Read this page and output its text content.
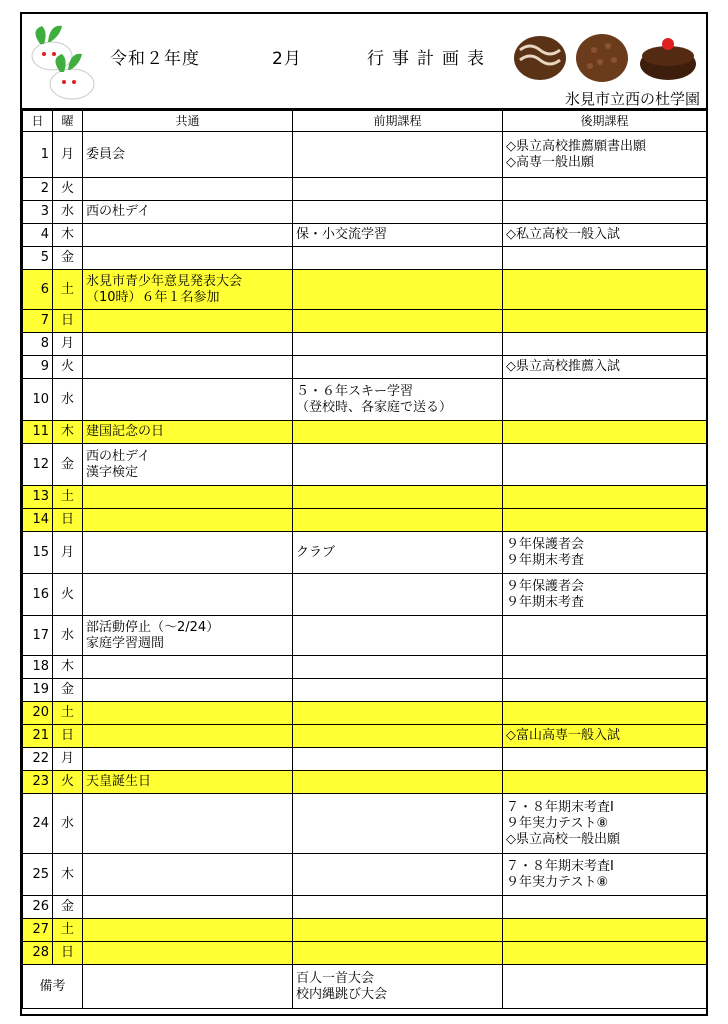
令和２年度	2月	行事計画表
氷見市立西の杜学園
日	曜	共通	前期課程	後期課程
1	月	委員会		◇県立高校推薦願書出願
◇高専一般出願

2	火			
3	水	西の杜デイ		

4	木		保・小交流学習	◇私立高校一般入試

5	金			
6	土	氷見市青少年意見発表大会
（10時）６年１名参加		

7	日			
8	月			
9	火			◇県立高校推薦入試

10	水		５・６年スキー学習
（登校時、各家庭で送る）	

11	木	建国記念の日		

12	金	西の杜デイ
漢字検定		

13	土			
14	日			
15	月		クラブ	９年保護者会
９年期末考査

16	火			９年保護者会
９年期末考査

17	水	部活動停止（～2/24）
家庭学習週間		

18	木			
19	金			
20	土			
21	日			◇富山高専一般入試

22	月			
23	火	天皇誕生日		

24	水			７・８年期末考査Ⅰ
９年実力テスト⑧
◇県立高校一般出願

25	木			７・８年期末考査Ⅰ
９年実力テスト⑧

26	金			
27	土			
28	日			
備考			百人一首大会
校内縄跳び大会	
